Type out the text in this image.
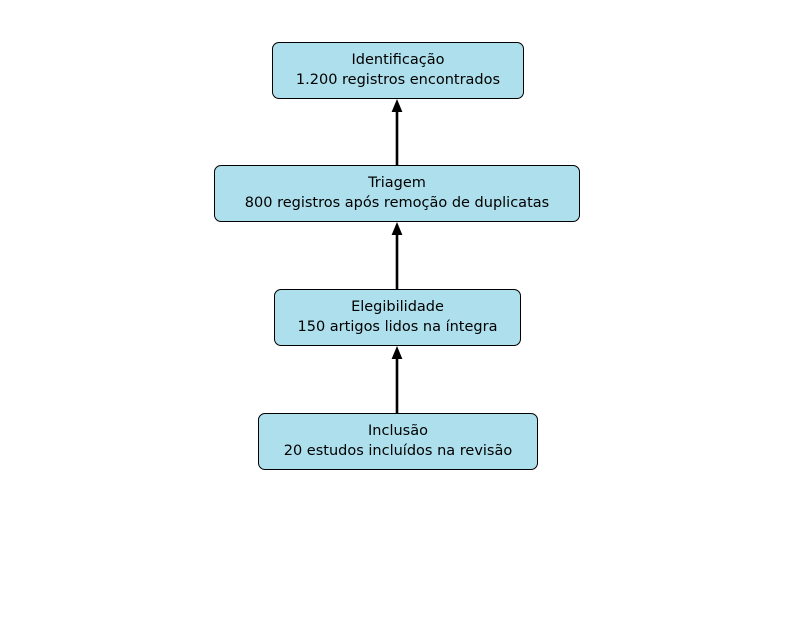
Identificação
1.200 registros encontrados
Triagem
800 registros após remoção de duplicatas
Elegibilidade
150 artigos lidos na íntegra
Inclusão
20 estudos incluídos na revisão
